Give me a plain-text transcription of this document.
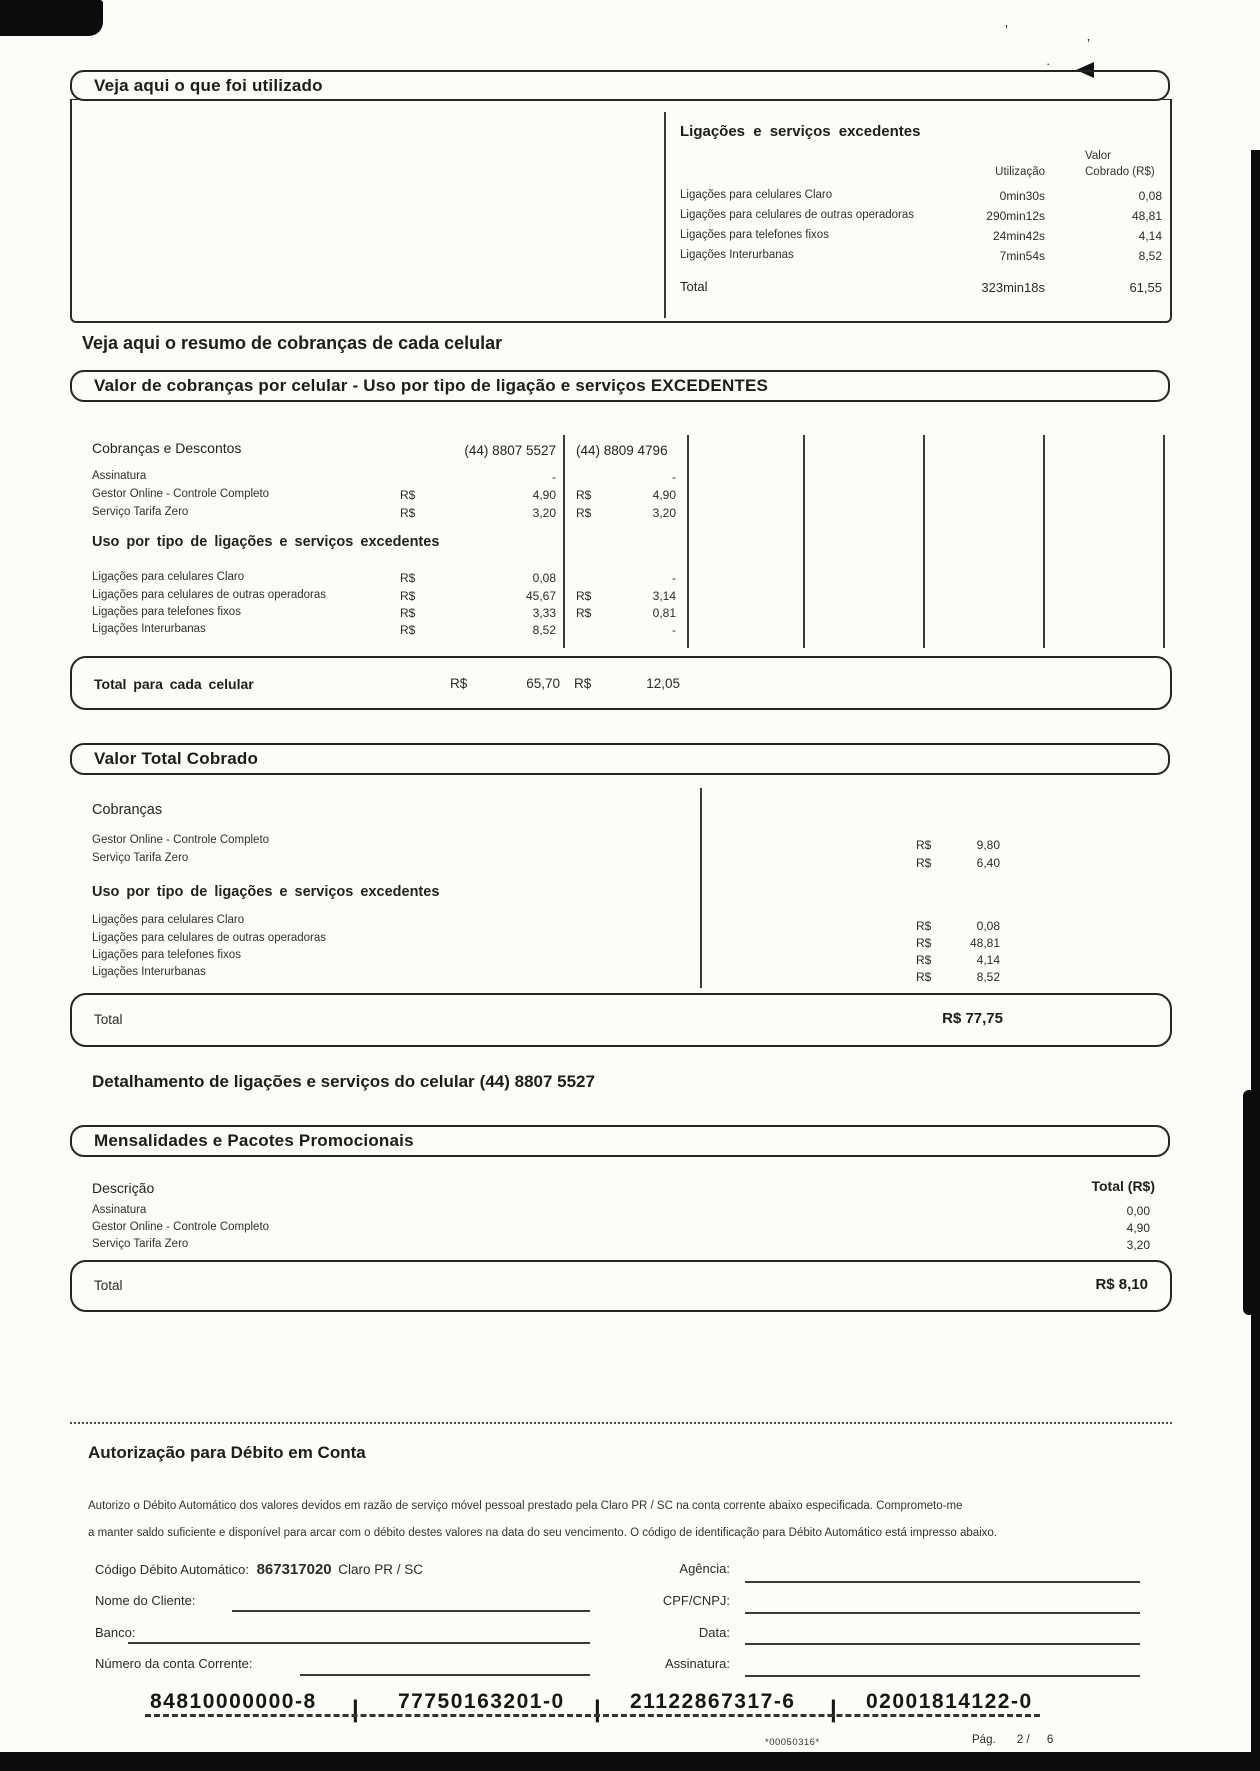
’
’
·
Veja aqui o que foi utilizado
Ligações e serviços excedentes
Utilização
Valor
Cobrado (R$)
Ligações para celulares Claro	0min30s	0,08
Ligações para celulares de outras operadoras	290min12s	48,81
Ligações para telefones fixos	24min42s	4,14
Ligações Interurbanas	7min54s	8,52
Total	323min18s	61,55
Veja aqui o resumo de cobranças de cada celular
Valor de cobranças por celular - Uso por tipo de ligação e serviços EXCEDENTES
Cobranças e Descontos	(44) 8807 5527 (44) 8809 4796
Assinatura	-	-
Gestor Online - Controle Completo	R$	4,90 R$	4,90
Serviço Tarifa Zero	R$	3,20 R$	3,20
Uso por tipo de ligações e serviços excedentes
Ligações para celulares Claro	R$	0,08	-
Ligações para celulares de outras operadoras	R$	45,67 R$	3,14
Ligações para telefones fixos	R$	3,33 R$	0,81
Ligações Interurbanas	R$	8,52	-
Total para cada celular	R$	65,70 R$	12,05
Valor Total Cobrado
Cobranças
Gestor Online - Controle Completo	R$	9,80
Serviço Tarifa Zero	R$	6,40
Uso por tipo de ligações e serviços excedentes
Ligações para celulares Claro	R$	0,08
Ligações para celulares de outras operadoras	R$	48,81
Ligações para telefones fixos	R$	4,14
Ligações Interurbanas	R$	8,52
Total	R$ 77,75
Detalhamento de ligações e serviços do celular (44) 8807 5527
Mensalidades e Pacotes Promocionais
Descrição	Total (R$)
Assinatura	0,00
Gestor Online - Controle Completo	4,90
Serviço Tarifa Zero	3,20
Total	R$ 8,10
Autorização para Débito em Conta
Autorizo o Débito Automático dos valores devidos em razão de serviço móvel pessoal prestado pela Claro PR / SC na conta corrente abaixo especificada. Comprometo-me
a manter saldo suficiente e disponível para arcar com o débito destes valores na data do seu vencimento. O código de identificação para Débito Automático está impresso abaixo.
Código Débito Automático: 867317020 Claro PR / SC
Nome do Cliente:
Banco:
Número da conta Corrente:
Agência:
CPF/CNPJ:
Data:
Assinatura:
84810000000-8 | 77750163201-0 | 21122867317-6 | 02001814122-0
*00050316*	Pág. 2 / 6
